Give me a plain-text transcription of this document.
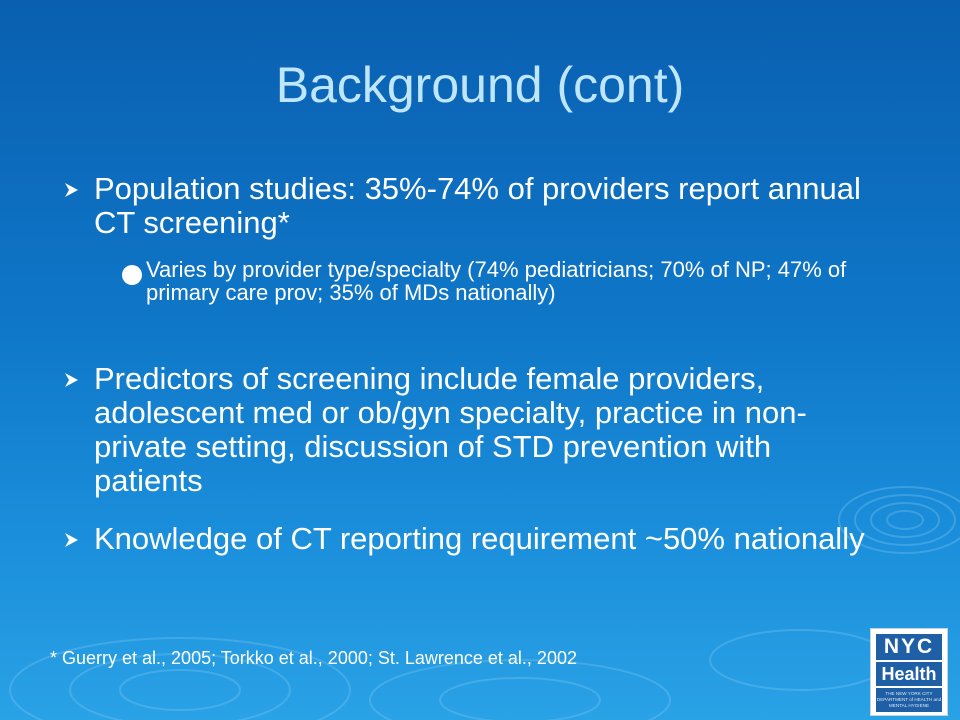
Background (cont)
Population studies: 35%-74% of providers report annual CT screening*
Varies by provider type/specialty (74% pediatricians; 70% of NP; 47% of primary care prov; 35% of MDs nationally)
Predictors of screening include female providers, adolescent med or ob/gyn specialty, practice in non-private setting, discussion of STD prevention with patients
Knowledge of CT reporting requirement ~50% nationally
* Guerry et al., 2005; Torkko et al., 2000; St. Lawrence et al., 2002	NYC
Health
THE NEW YORK CITY DEPARTMENT of HEALTH and MENTAL HYGIENE
